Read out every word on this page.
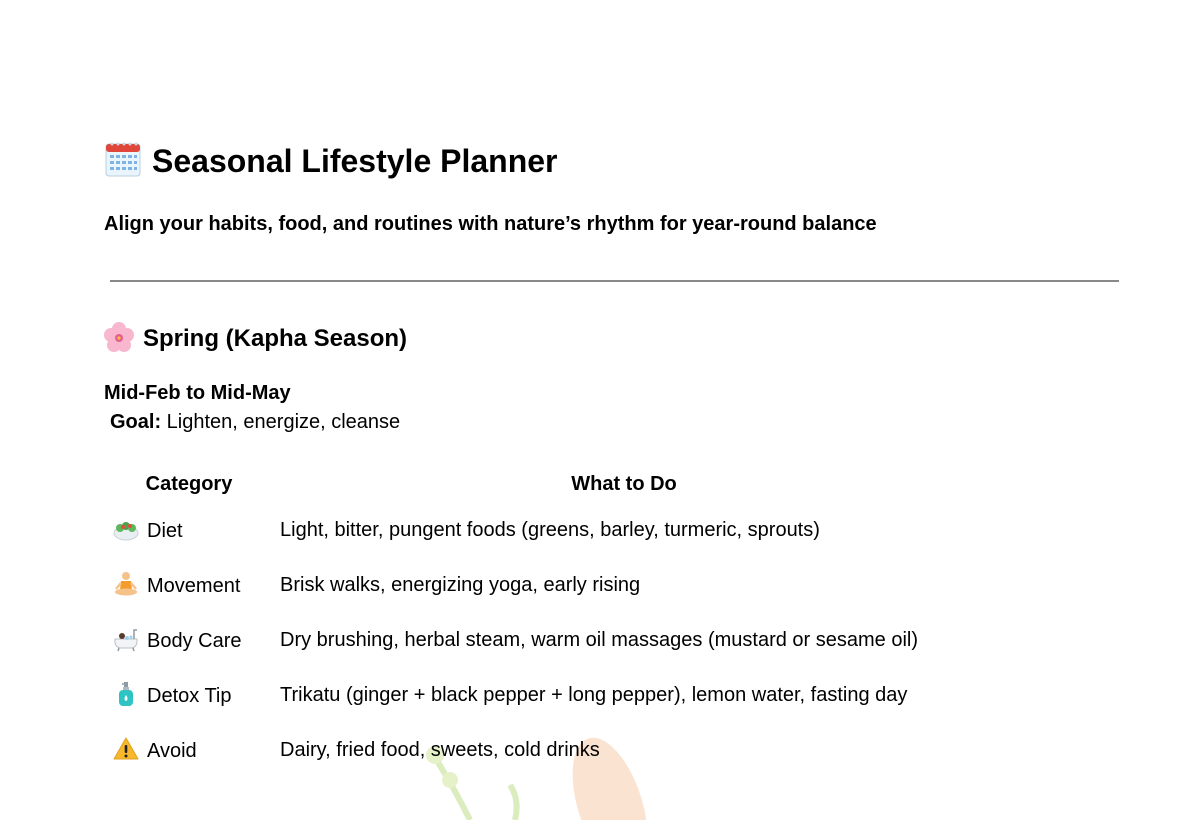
Seasonal Lifestyle Planner

Align your habits, food, and routines with nature’s rhythm for year-round balance

Spring (Kapha Season)
Mid-Feb to Mid-May
Goal: Lighten, energize, cleanse
Category	What to Do
Diet	Light, bitter, pungent foods (greens, barley, turmeric, sprouts)
Movement	Brisk walks, energizing yoga, early rising
Body Care	Dry brushing, herbal steam, warm oil massages (mustard or sesame oil)
Detox Tip	Trikatu (ginger + black pepper + long pepper), lemon water, fasting day
Avoid	Dairy, fried food, sweets, cold drinks
